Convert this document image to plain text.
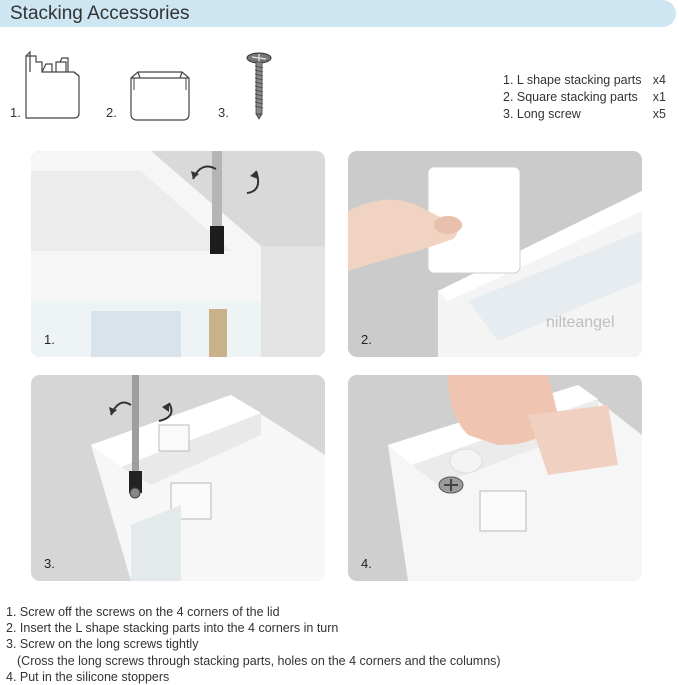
Stacking Accessories
1.	2.	3.
1. L shape stacking parts x4
2. Square stacking parts x1
3. Long screw	x5
1.
nilteangel
2.
3.	4.
1. Screw off the screws on the 4 corners of the lid
2. Insert the L shape stacking parts into the 4 corners in turn
3. Screw on the long screws tightly
(Cross the long screws through stacking parts, holes on the 4 corners and the columns)
4. Put in the silicone stoppers
